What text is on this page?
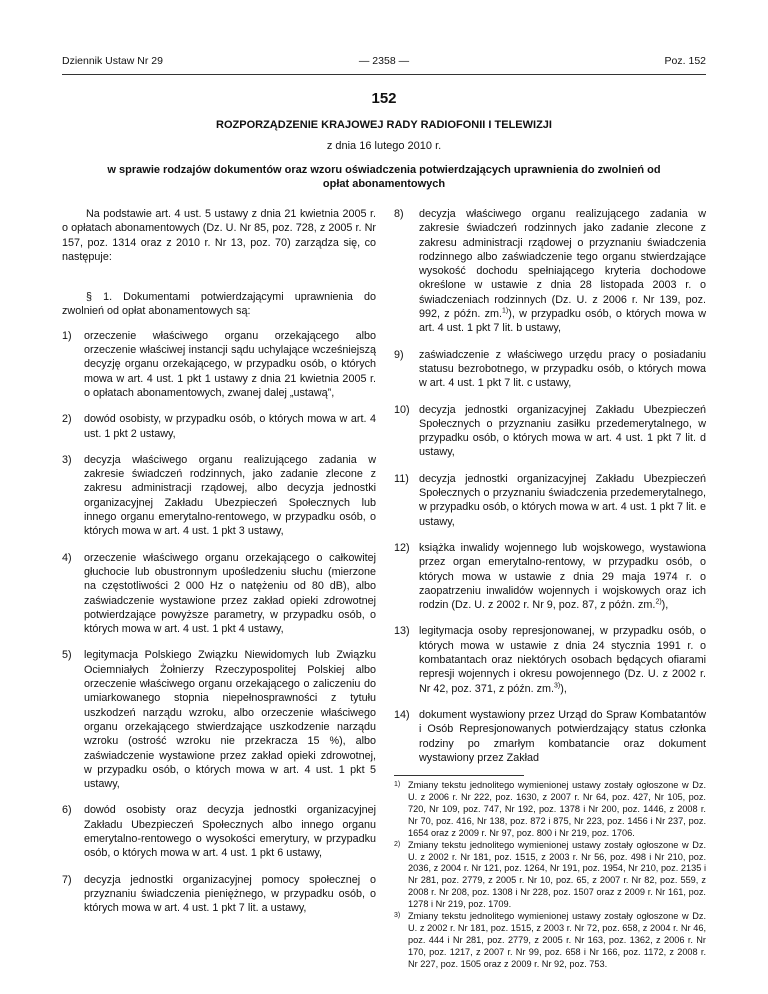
Dziennik Ustaw Nr 29	— 2358 —	Poz. 152
152
ROZPORZĄDZENIE KRAJOWEJ RADY RADIOFONII I TELEWIZJI
z dnia 16 lutego 2010 r.
w sprawie rodzajów dokumentów oraz wzoru oświadczenia potwierdzających uprawnienia do zwolnień od opłat abonamentowych

Na podstawie art. 4 ust. 5 ustawy z dnia 21 kwietnia 2005 r. o opłatach abonamentowych (Dz. U. Nr 85, poz. 728, z 2005 r. Nr 157, poz. 1314 oraz z 2010 r. Nr 13, poz. 70) zarządza się, co następuje:

§ 1. Dokumentami potwierdzającymi uprawnienia do zwolnień od opłat abonamentowych są:

1)	orzeczenie właściwego organu orzekającego albo orzeczenie właściwej instancji sądu uchylające wcześniejszą decyzję organu orzekającego, w przypadku osób, o których mowa w art. 4 ust. 1 pkt 1 ustawy z dnia 21 kwietnia 2005 r. o opłatach abonamentowych, zwanej dalej „ustawą”,
2)	dowód osobisty, w przypadku osób, o których mowa w art. 4 ust. 1 pkt 2 ustawy,
3)	decyzja właściwego organu realizującego zadania w zakresie świadczeń rodzinnych, jako zadanie zlecone z zakresu administracji rządowej, albo decyzja jednostki organizacyjnej Zakładu Ubezpieczeń Społecznych lub innego organu emerytalno-rentowego, w przypadku osób, o których mowa w art. 4 ust. 1 pkt 3 ustawy,
4)	orzeczenie właściwego organu orzekającego o całkowitej głuchocie lub obustronnym upośledzeniu słuchu (mierzone na częstotliwości 2 000 Hz o natężeniu od 80 dB), albo zaświadczenie wystawione przez zakład opieki zdrowotnej potwierdzające powyższe parametry, w przypadku osób, o których mowa w art. 4 ust. 1 pkt 4 ustawy,
5)	legitymacja Polskiego Związku Niewidomych lub Związku Ociemniałych Żołnierzy Rzeczypospolitej Polskiej albo orzeczenie właściwego organu orzekającego o zaliczeniu do umiarkowanego stopnia niepełnosprawności z tytułu uszkodzeń narządu wzroku, albo orzeczenie właściwego organu orzekającego stwierdzające uszkodzenie narządu wzroku (ostrość wzroku nie przekracza 15 %), albo zaświadczenie wystawione przez zakład opieki zdrowotnej, w przypadku osób, o których mowa w art. 4 ust. 1 pkt 5 ustawy,
6)	dowód osobisty oraz decyzja jednostki organizacyjnej Zakładu Ubezpieczeń Społecznych albo innego organu emerytalno-rentowego o wysokości emerytury, w przypadku osób, o których mowa w art. 4 ust. 1 pkt 6 ustawy,
7)	decyzja jednostki organizacyjnej pomocy społecznej o przyznaniu świadczenia pieniężnego, w przypadku osób, o których mowa w art. 4 ust. 1 pkt 7 lit. a ustawy,
8)	decyzja właściwego organu realizującego zadania w zakresie świadczeń rodzinnych jako zadanie zlecone z zakresu administracji rządowej o przyznaniu świadczenia rodzinnego albo zaświadczenie tego organu stwierdzające wysokość dochodu spełniającego kryteria dochodowe określone w ustawie z dnia 28 listopada 2003 r. o świadczeniach rodzinnych (Dz. U. z 2006 r. Nr 139, poz. 992, z późn. zm.$^{1)}$), w przypadku osób, o których mowa w art. 4 ust. 1 pkt 7 lit. b ustawy,
9)	zaświadczenie z właściwego urzędu pracy o posiadaniu statusu bezrobotnego, w przypadku osób, o których mowa w art. 4 ust. 1 pkt 7 lit. c ustawy,
10) decyzja jednostki organizacyjnej Zakładu Ubezpieczeń Społecznych o przyznaniu zasiłku przedemerytalnego, w przypadku osób, o których mowa w art. 4 ust. 1 pkt 7 lit. d ustawy,
11) decyzja jednostki organizacyjnej Zakładu Ubezpieczeń Społecznych o przyznaniu świadczenia przedemerytalnego, w przypadku osób, o których mowa w art. 4 ust. 1 pkt 7 lit. e ustawy,
12) książka inwalidy wojennego lub wojskowego, wystawiona przez organ emerytalno-rentowy, w przypadku osób, o których mowa w ustawie z dnia 29 maja 1974 r. o zaopatrzeniu inwalidów wojennych i wojskowych oraz ich rodzin (Dz. U. z 2002 r. Nr 9, poz. 87, z późn. zm.$^{2)}$),
13) legitymacja osoby represjonowanej, w przypadku osób, o których mowa w ustawie z dnia 24 stycznia 1991 r. o kombatantach oraz niektórych osobach będących ofiarami represji wojennych i okresu powojennego (Dz. U. z 2002 r. Nr 42, poz. 371, z późn. zm.$^{3)}$),
14) dokument wystawiony przez Urząd do Spraw Kombatantów i Osób Represjonowanych potwierdzający status członka rodziny po zmarłym kombatancie oraz dokument wystawiony przez Zakład
1) Zmiany tekstu jednolitego wymienionej ustawy zostały ogłoszone w Dz. U. z 2006 r. Nr 222, poz. 1630, z 2007 r. Nr 64, poz. 427, Nr 105, poz. 720, Nr 109, poz. 747, Nr 192, poz. 1378 i Nr 200, poz. 1446, z 2008 r. Nr 70, poz. 416, Nr 138, poz. 872 i 875, Nr 223, poz. 1456 i Nr 237, poz. 1654 oraz z 2009 r. Nr 97, poz. 800 i Nr 219, poz. 1706.
2) Zmiany tekstu jednolitego wymienionej ustawy zostały ogłoszone w Dz. U. z 2002 r. Nr 181, poz. 1515, z 2003 r. Nr 56, poz. 498 i Nr 210, poz. 2036, z 2004 r. Nr 121, poz. 1264, Nr 191, poz. 1954, Nr 210, poz. 2135 i Nr 281, poz. 2779, z 2005 r. Nr 10, poz. 65, z 2007 r. Nr 82, poz. 559, z 2008 r. Nr 208, poz. 1308 i Nr 228, poz. 1507 oraz z 2009 r. Nr 161, poz. 1278 i Nr 219, poz. 1709.
3) Zmiany tekstu jednolitego wymienionej ustawy zostały ogłoszone w Dz. U. z 2002 r. Nr 181, poz. 1515, z 2003 r. Nr 72, poz. 658, z 2004 r. Nr 46, poz. 444 i Nr 281, poz. 2779, z 2005 r. Nr 163, poz. 1362, z 2006 r. Nr 170, poz. 1217, z 2007 r. Nr 99, poz. 658 i Nr 166, poz. 1172, z 2008 r. Nr 227, poz. 1505 oraz z 2009 r. Nr 92, poz. 753.
